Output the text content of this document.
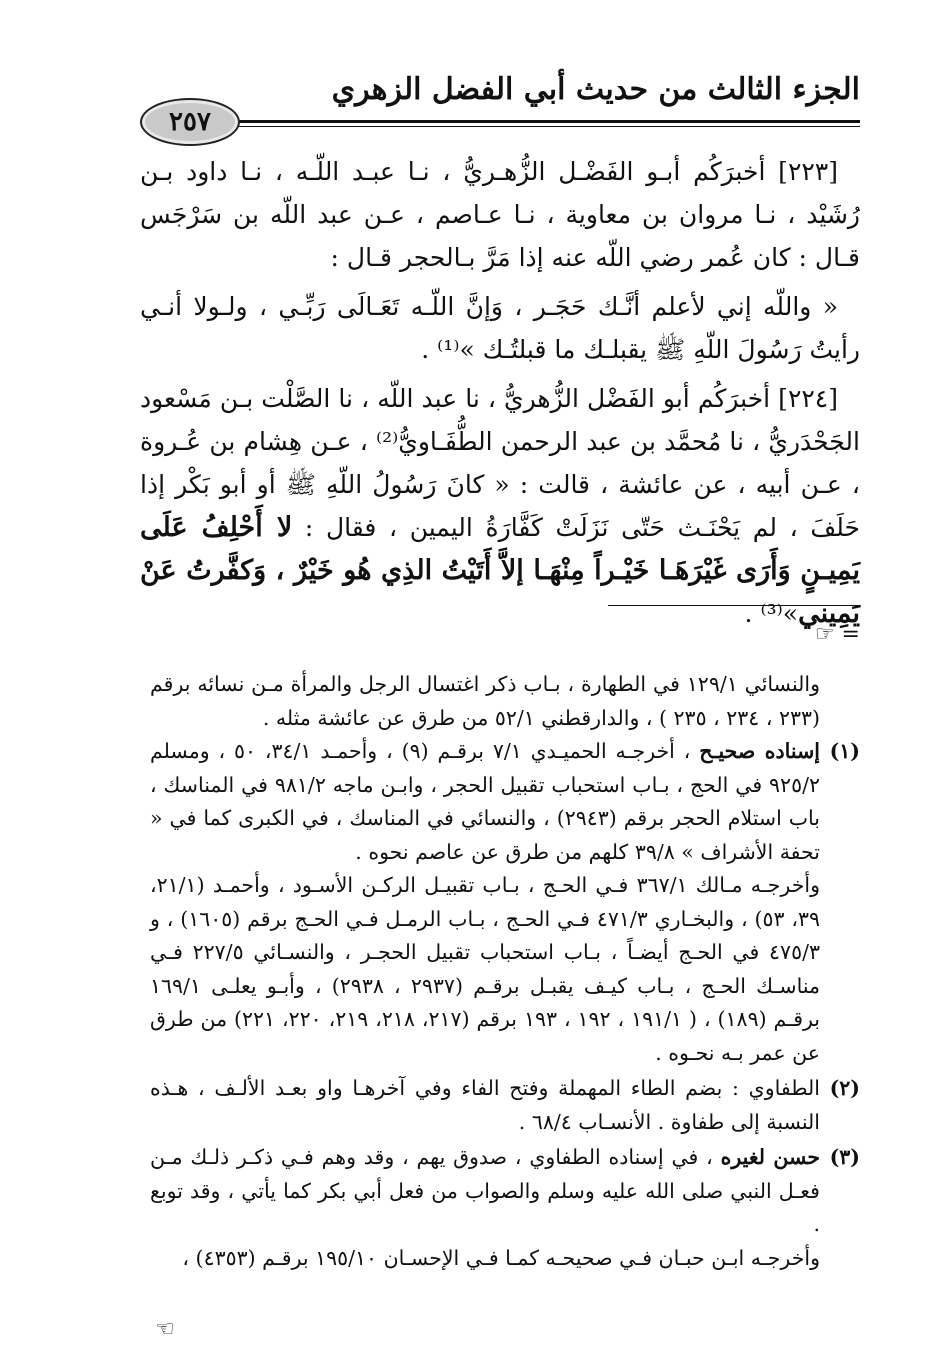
الجزء الثالث من حديث أبي الفضل الزهري
٢٥٧

[٢٢٣] أخبرَكُم أبـو الفَضْـل الزُّهـريُّ ، نـا عبـد اللّـه ، نـا داود بـن رُشَيْد ، نـا مروان بن معاوية ، نـا عـاصم ، عـن عبد اللّه بن سَرْجَس قـال : كان عُمر رضي اللّه عنه إذا مَرَّ بـالحجر قـال :

« واللّه إني لأعلم أنَّـك حَجَـر ، وَإنَّ اللّـه تَعَـالَى رَبِّـي ، ولـولا أنـي رأيتُ رَسُولَ اللّهِ ﷺ يقبلـك ما قبلتُـك »⁽¹⁾ .

[٢٢٤] أخبرَكُم أبو الفَضْل الزُّهريُّ ، نا عبد اللّه ، نا الصَّلْت بـن مَسْعود الجَحْدَريُّ ، نا مُحمَّد بن عبد الرحمن الطُّفَـاويُّ⁽²⁾ ، عـن هِشام بن عُـروة ، عـن أبيه ، عن عائشة ، قالت : « كانَ رَسُولُ اللّهِ ﷺ أو أبو بَكْر إذا حَلَفَ ، لم يَحْنَـث حَتّى نَزَلَتْ كَفَّارَةُ اليمين ، فقال : لا أَحْلِفُ عَلَى يَمِيـنٍ وَأَرَى غَيْرَهَـا خَيْـراً مِنْهَـا إلاَّ أَتَيْتُ الذِي هُو خَيْرٌ ، وَكفَّرتُ عَنْ يَمِيني»⁽³⁾ .

= ☞

والنسائي ١٢٩/١ في الطهارة ، بـاب ذكر اغتسال الرجل والمرأة مـن نسائه برقم (٢٣٣ ، ٢٣٤ ، ٢٣٥ ) ، والدارقطني ٥٢/١ من طرق عن عائشة مثله .

(١)

إسناده صحيـح ، أخرجـه الحميـدي ٧/١ برقـم (٩) ، وأحمـد ٣٤/١، ٥٠ ، ومسلم ٩٢٥/٢ في الحج ، بـاب استحباب تقبيل الحجر ، وابـن ماجه ٩٨١/٢ في المناسك ، باب استلام الحجر برقم (٢٩٤٣) ، والنسائي في المناسك ، في الكبرى كما في « تحفة الأشراف » ٣٩/٨ كلهم من طرق عن عاصم نحوه .

وأخرجـه مـالك ٣٦٧/١ فـي الحـج ، بـاب تقبيـل الركـن الأسـود ، وأحمـد (٢١/١، ٣٩، ٥٣) ، والبخـاري ٤٧١/٣ فـي الحـج ، بـاب الرمـل فـي الحـج برقم (١٦٠٥) ، و ٤٧٥/٣ في الحـج أيضـاً ، بـاب استحباب تقبيل الحجـر ، والنسـائي ٢٢٧/٥ فـي مناسـك الحـج ، بـاب كيـف يقبـل برقـم (٢٩٣٧ ، ٢٩٣٨) ، وأبـو يعلـى ١٦٩/١ برقـم (١٨٩) ، ( ١٩١/١ ، ١٩٢ ، ١٩٣ برقم (٢١٧، ٢١٨، ٢١٩، ٢٢٠، ٢٢١) من طرق عن عمر بـه نحـوه .

(٢)

الطفاوي : بضم الطاء المهملة وفتح الفاء وفي آخرهـا واو بعـد الألـف ، هـذه النسبة إلى طفاوة . الأنسـاب ٦٨/٤ .

(٣)

حسن لغيره ، في إسناده الطفاوي ، صدوق يهم ، وقد وهم فـي ذكـر ذلـك مـن فعـل النبي صلى الله عليه وسلم والصواب من فعل أبي بكر كما يأتي ، وقد توبع .

وأخرجـه ابـن حبـان فـي صحيحـه كمـا فـي الإحسـان ١٩٥/١٠ برقـم (٤٣٥٣) ،

☜
